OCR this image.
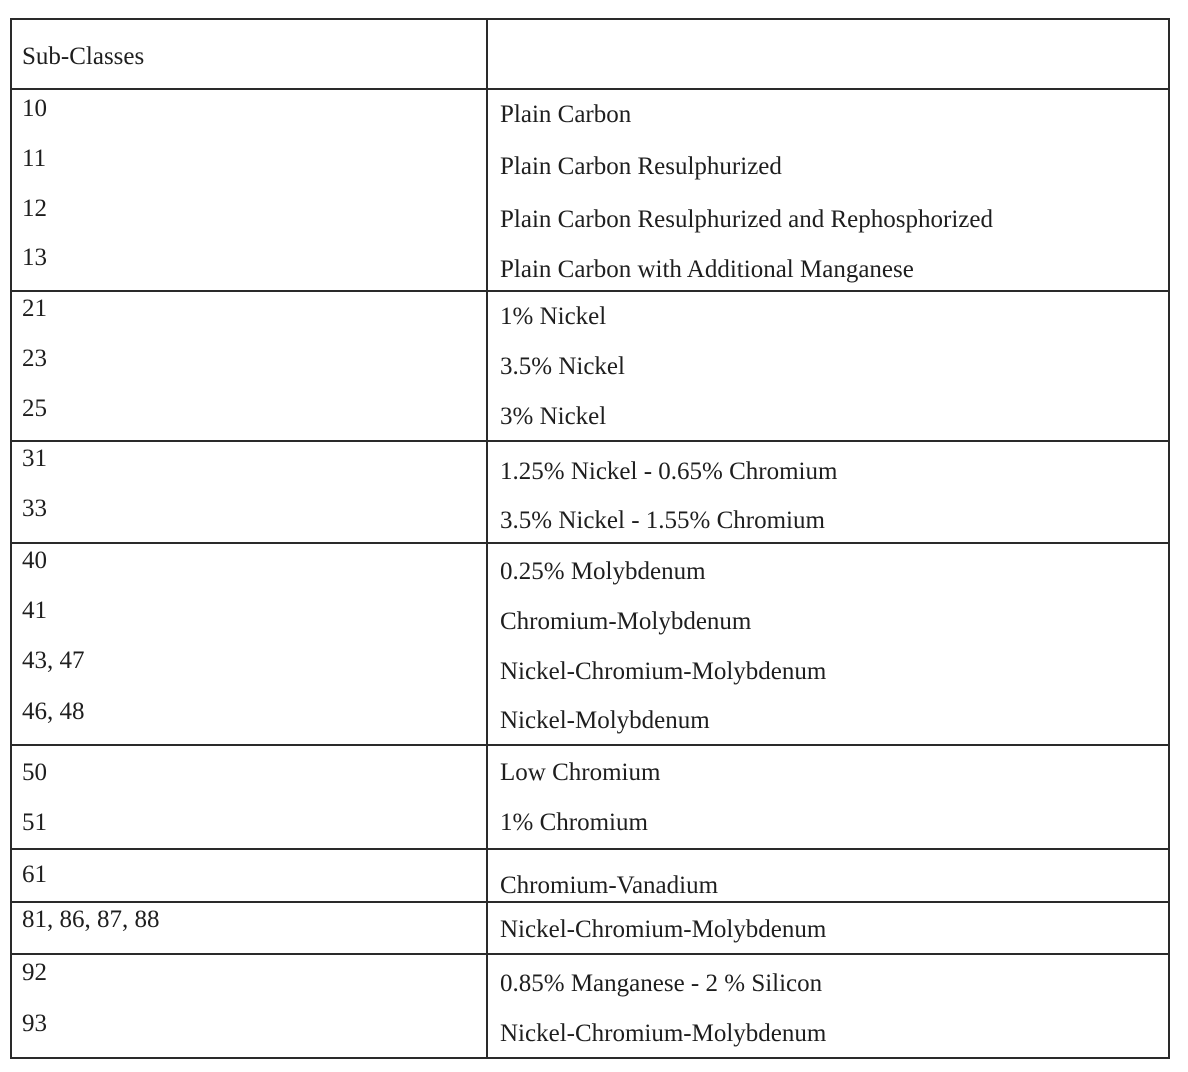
Sub-Classes
10
11
12
13
Plain Carbon
Plain Carbon Resulphurized
Plain Carbon Resulphurized and Rephosphorized
Plain Carbon with Additional Manganese
21
23
25
1% Nickel
3.5% Nickel
3% Nickel
31
33
1.25% Nickel - 0.65% Chromium
3.5% Nickel - 1.55% Chromium
40
41
43, 47
46, 48
0.25% Molybdenum
Chromium-Molybdenum
Nickel-Chromium-Molybdenum
Nickel-Molybdenum
50
51
Low Chromium
1% Chromium
61	Chromium-Vanadium
81, 86, 87, 88	Nickel-Chromium-Molybdenum
92
93
0.85% Manganese - 2 % Silicon
Nickel-Chromium-Molybdenum
